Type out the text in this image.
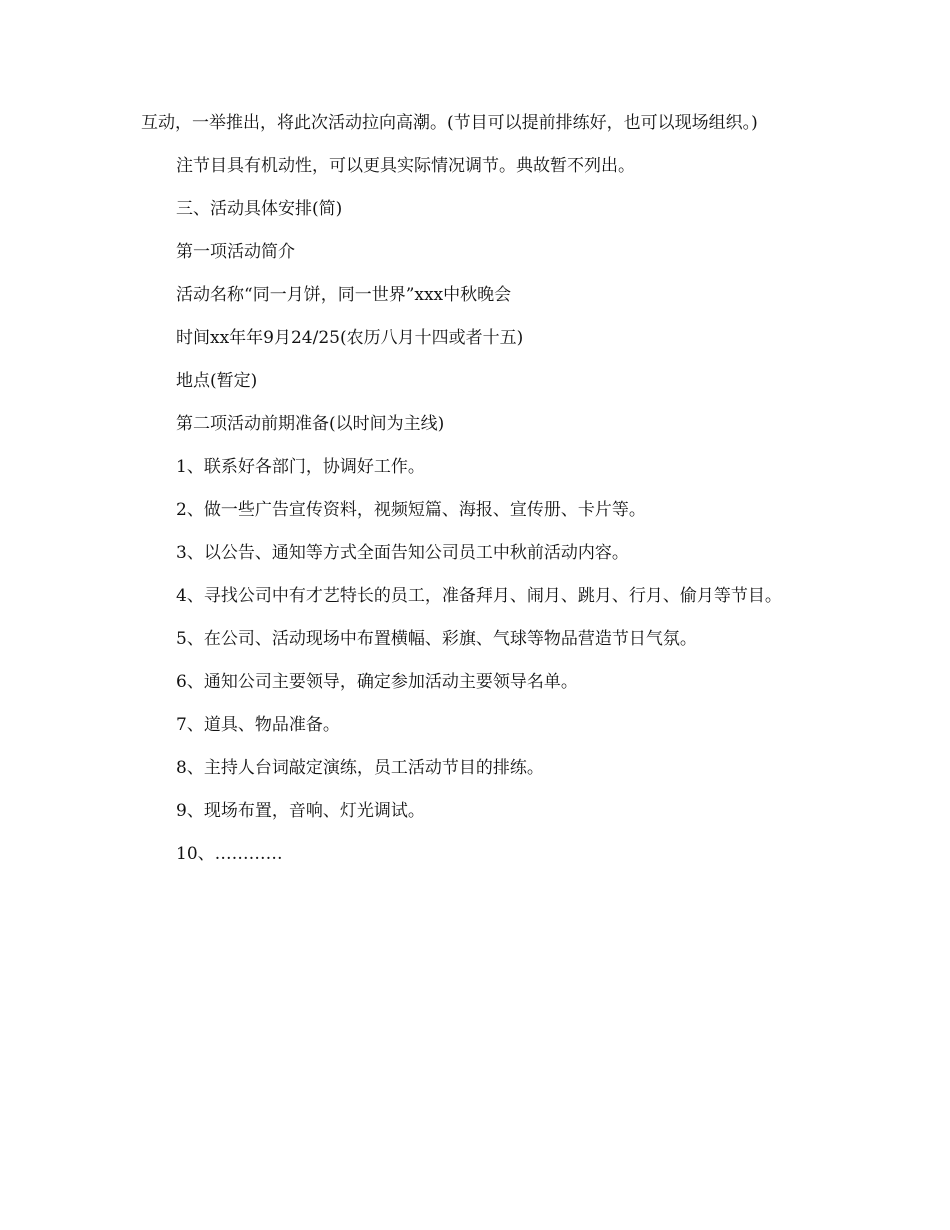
互动，一举推出，将此次活动拉向高潮。(节目可以提前排练好，也可以现场组织。)

注节目具有机动性，可以更具实际情况调节。典故暂不列出。

三、活动具体安排(简)

第一项活动简介

活动名称“同一月饼，同一世界”xxx中秋晚会

时间xx年年9月24/25(农历八月十四或者十五)

地点(暂定)

第二项活动前期准备(以时间为主线)

1、联系好各部门，协调好工作。

2、做一些广告宣传资料，视频短篇、海报、宣传册、卡片等。

3、以公告、通知等方式全面告知公司员工中秋前活动内容。

4、寻找公司中有才艺特长的员工，准备拜月、闹月、跳月、行月、偷月等节目。

5、在公司、活动现场中布置横幅、彩旗、气球等物品营造节日气氛。

6、通知公司主要领导，确定参加活动主要领导名单。

7、道具、物品准备。

8、主持人台词敲定演练，员工活动节目的排练。

9、现场布置，音响、灯光调试。

10、…………
